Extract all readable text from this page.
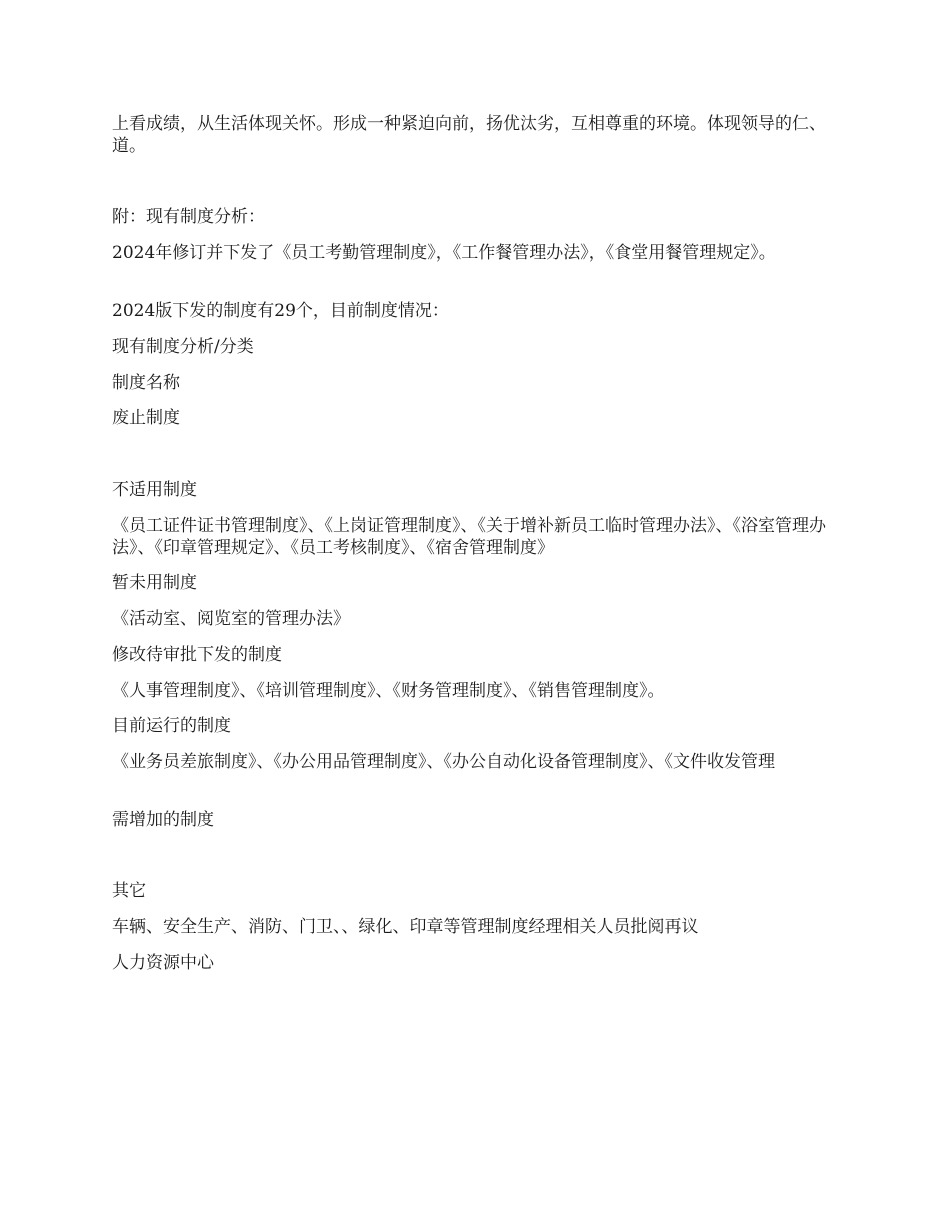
上看成绩，从生活体现关怀。形成一种紧迫向前，扬优汰劣，互相尊重的环境。体现领导的仁、道。

附：现有制度分析：

2024年修订并下发了《员工考勤管理制度》，《工作餐管理办法》，《食堂用餐管理规定》。

2024版下发的制度有29个，目前制度情况：

现有制度分析/分类

制度名称

废止制度

不适用制度

《员工证件证书管理制度》、《上岗证管理制度》、《关于增补新员工临时管理办法》、《浴室管理办法》、《印章管理规定》、《员工考核制度》、《宿舍管理制度》

暂未用制度

《活动室、阅览室的管理办法》

修改待审批下发的制度

《人事管理制度》、《培训管理制度》、《财务管理制度》、《销售管理制度》。

目前运行的制度

《业务员差旅制度》、《办公用品管理制度》、《办公自动化设备管理制度》、《文件收发管理

需增加的制度

其它

车辆、安全生产、消防、门卫、、绿化、印章等管理制度经理相关人员批阅再议

人力资源中心
